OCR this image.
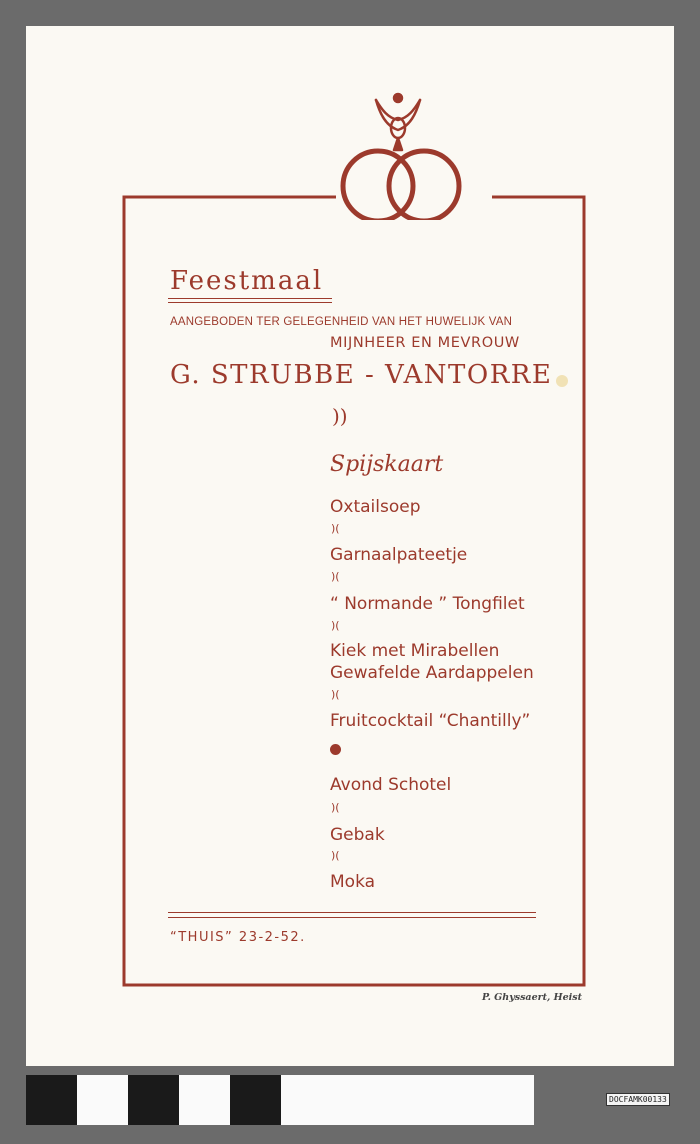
Feestmaal
AANGEBODEN TER GELEGENHEID VAN HET HUWELIJK VAN
MIJNHEER EN MEVROUW
G. STRUBBE - VANTORRE
))
Spijskaart
Oxtailsoep
)(
Garnaalpateetje
)(
“ Normande ” Tongfilet
)(
Kiek met Mirabellen
Gewafelde Aardappelen
)(
Fruitcocktail “Chantilly”
Avond Schotel
)(
Gebak
)(
Moka
“THUIS” 23-2-52.
P. Ghyssaert, Heist
DOCFAMK00133
